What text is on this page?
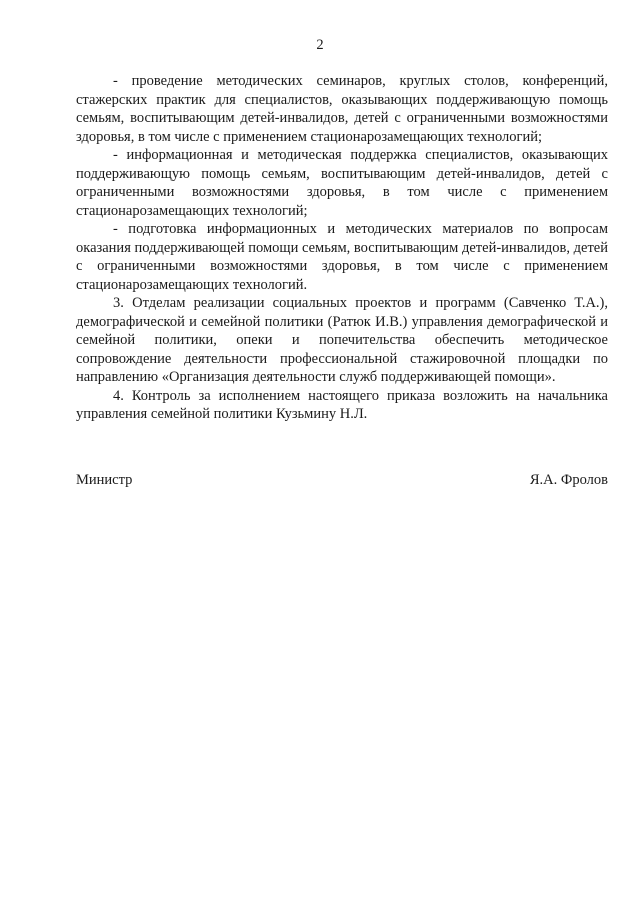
2

- проведение методических семинаров, круглых столов, конференций, стажерских практик для специалистов, оказывающих поддерживающую помощь семьям, воспитывающим детей-инвалидов, детей с ограниченными возможностями здоровья, в том числе с применением стационарозамещающих технологий;

- информационная и методическая поддержка специалистов, оказывающих поддерживающую помощь семьям, воспитывающим детей-инвалидов, детей с ограниченными возможностями здоровья, в том числе с применением стационарозамещающих технологий;

- подготовка информационных и методических материалов по вопросам оказания поддерживающей помощи семьям, воспитывающим детей-инвалидов, детей с ограниченными возможностями здоровья, в том числе с применением стационарозамещающих технологий.

3. Отделам реализации социальных проектов и программ (Савченко Т.А.), демографической и семейной политики (Ратюк И.В.) управления демографической и семейной политики, опеки и попечительства обеспечить методическое сопровождение деятельности профессиональной стажировочной площадки по направлению «Организация деятельности служб поддерживающей помощи».

4. Контроль за исполнением настоящего приказа возложить на начальника управления семейной политики Кузьмину Н.Л.

Министр	Я.А. Фролов
